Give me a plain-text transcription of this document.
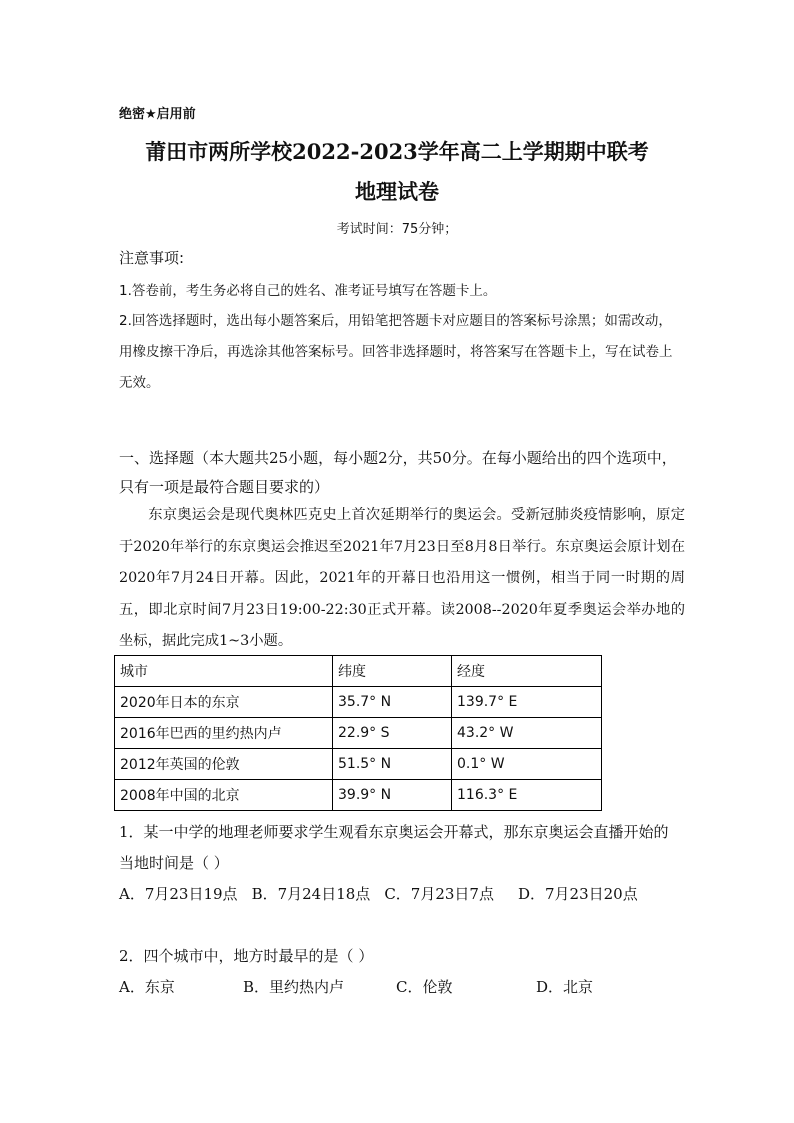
绝密★启用前
莆田市两所学校2022-2023学年高二上学期期中联考
地理试卷
考试时间：75分钟；
注意事项:
1.答卷前，考生务必将自己的姓名、准考证号填写在答题卡上。
2.回答选择题时，选出每小题答案后，用铅笔把答题卡对应题目的答案标号涂黑；如需改动，用橡皮擦干净后，再选涂其他答案标号。回答非选择题时，将答案写在答题卡上，写在试卷上无效。
一、选择题（本大题共25小题，每小题2分，共50分。在每小题给出的四个选项中，只有一项是最符合题目要求的）
东京奥运会是现代奥林匹克史上首次延期举行的奥运会。受新冠肺炎疫情影响，原定于2020年举行的东京奥运会推迟至2021年7月23日至8月8日举行。东京奥运会原计划在2020年7月24日开幕。因此，2021年的开幕日也沿用这一惯例，相当于同一时期的周五，即北京时间7月23日19:00-22:30正式开幕。读2008--2020年夏季奥运会举办地的坐标，据此完成1~3小题。
城市	纬度	经度
2020年日本的东京	35.7° N	139.7° E
2016年巴西的里约热内卢	22.9° S	43.2° W
2012年英国的伦敦	51.5° N	0.1° W
2008年中国的北京	39.9° N	116.3° E
1．某一中学的地理老师要求学生观看东京奥运会开幕式，那东京奥运会直播开始的当地时间是（ ）
A．7月23日19点 B．7月24日18点 C．7月23日7点 D．7月23日20点
2．四个城市中，地方时最早的是（ ）
A．东京	B．里约热内卢	C．伦敦	D．北京
